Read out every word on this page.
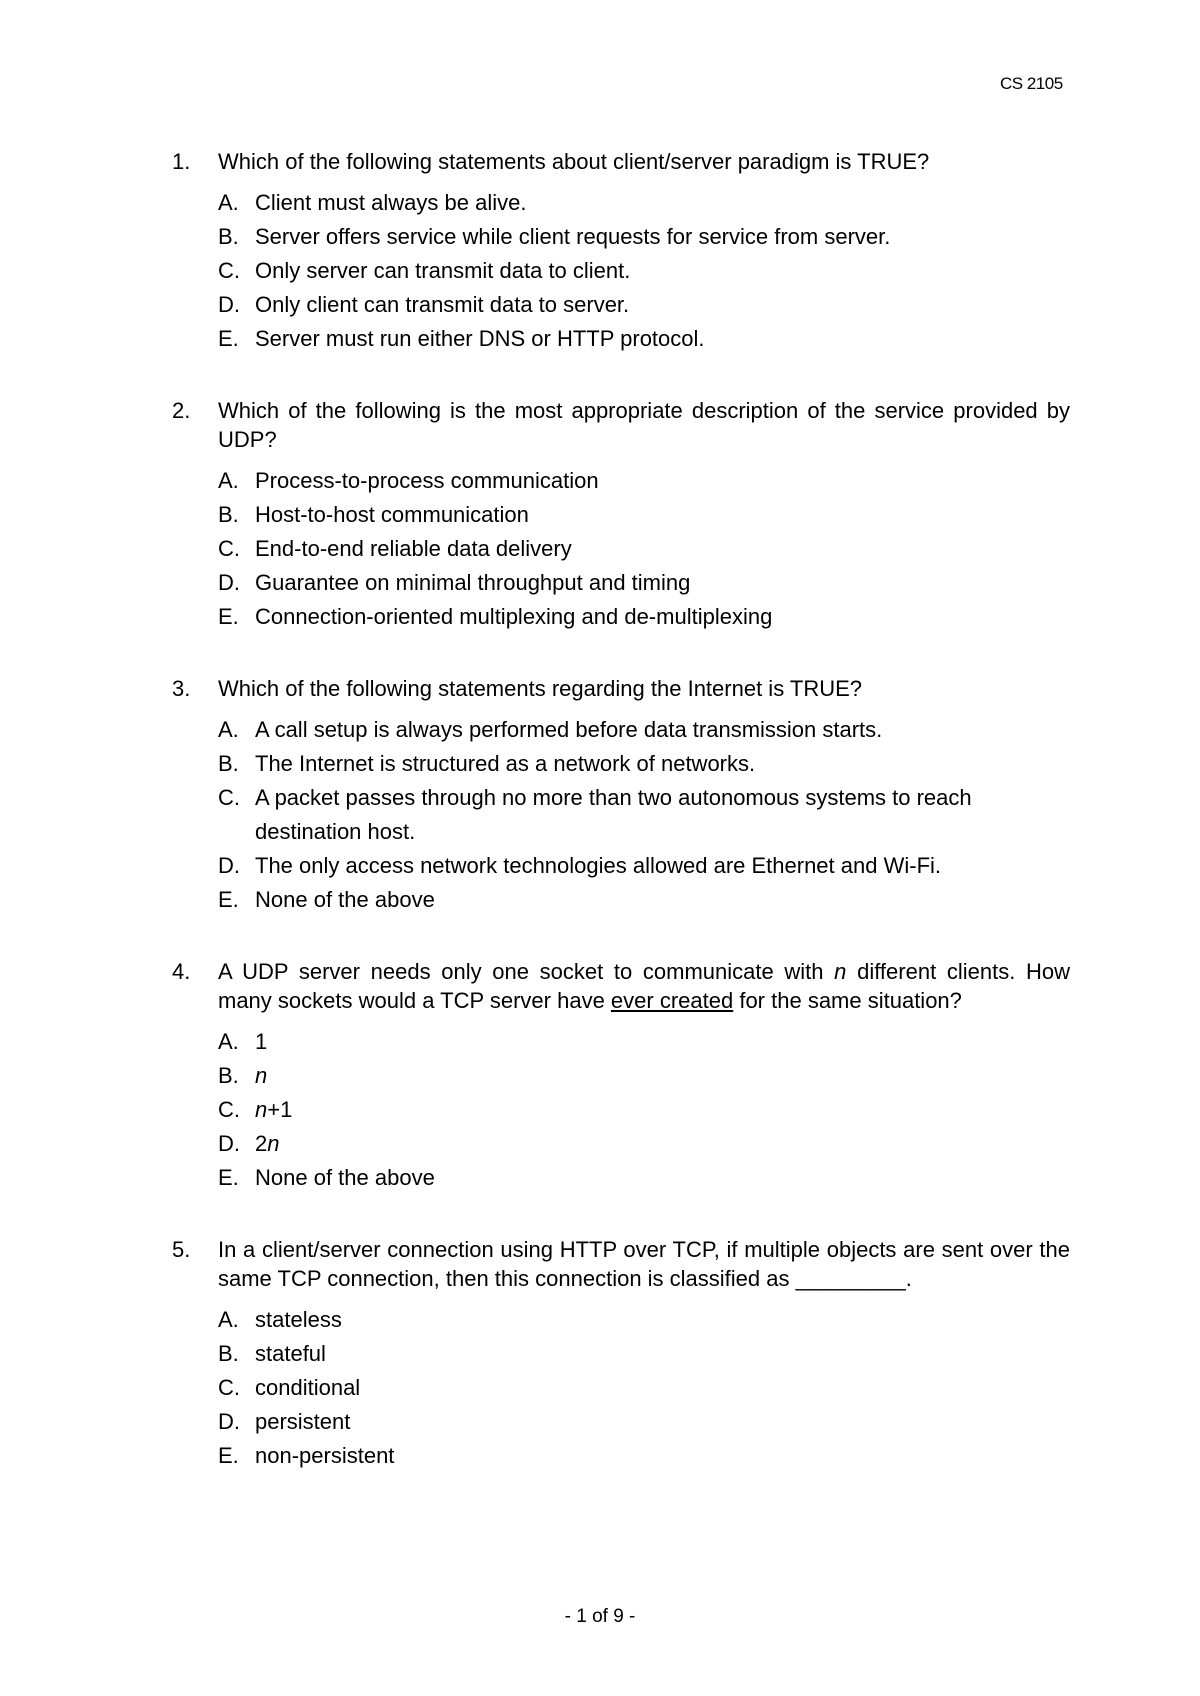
CS 2105
1.	Which of the following statements about client/server paradigm is TRUE?
A. Client must always be alive.
B. Server offers service while client requests for service from server.
C. Only server can transmit data to client.
D. Only client can transmit data to server.
E. Server must run either DNS or HTTP protocol.
2.	Which of the following is the most appropriate description of the service provided by UDP?
A. Process-to-process communication
B. Host-to-host communication
C. End-to-end reliable data delivery
D. Guarantee on minimal throughput and timing
E. Connection-oriented multiplexing and de-multiplexing
3.	Which of the following statements regarding the Internet is TRUE?
A. A call setup is always performed before data transmission starts.
B. The Internet is structured as a network of networks.
C. A packet passes through no more than two autonomous systems to reach destination host.
D. The only access network technologies allowed are Ethernet and Wi-Fi.
E. None of the above
4.	A UDP server needs only one socket to communicate with n different clients. How many sockets would a TCP server have ever created for the same situation?
A. 1
B. n
C. n+1
D. 2n
E. None of the above
5.	In a client/server connection using HTTP over TCP, if multiple objects are sent over the same TCP connection, then this connection is classified as _________.
A. stateless
B. stateful
C. conditional
D. persistent
E. non-persistent
- 1 of 9 -
